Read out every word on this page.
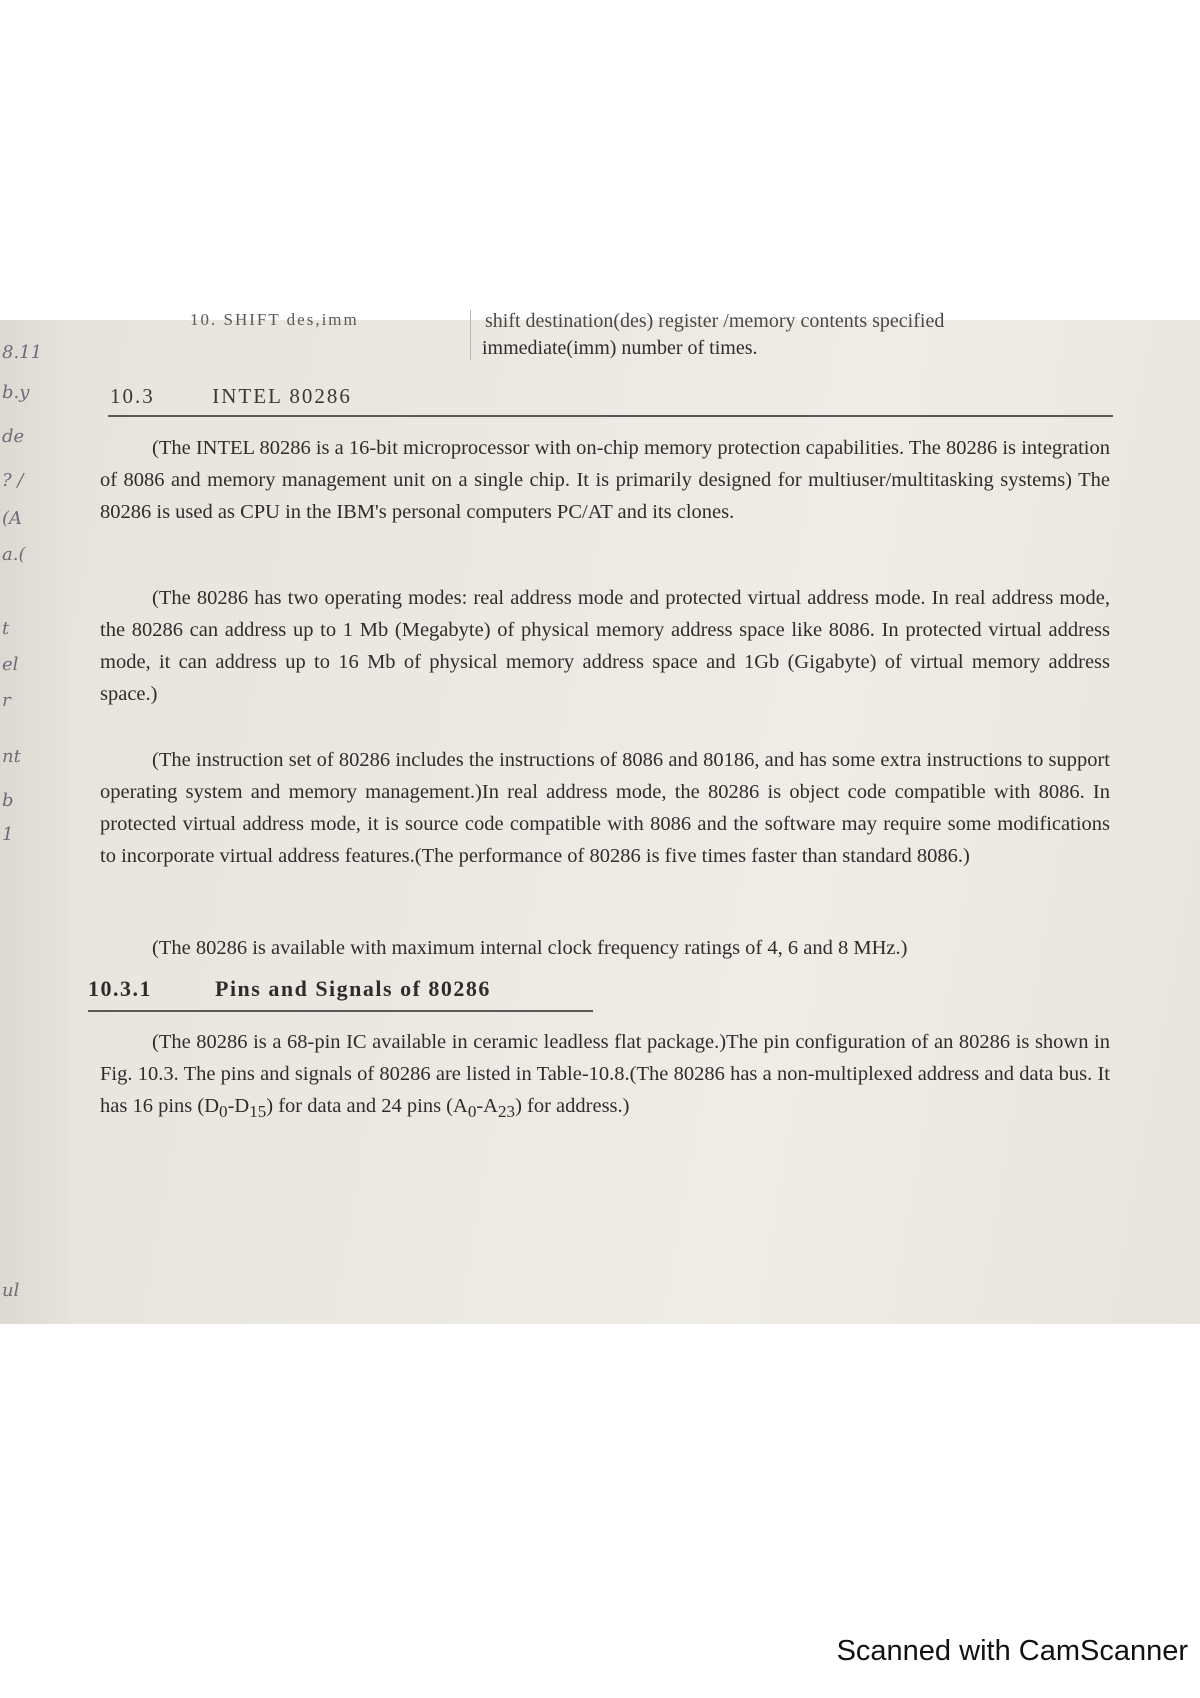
8.11
b.y
de
? /
(A
a.(
t
el
r
nt
b
1
ul
10. SHIFT des,imm	shift destination(des) register /memory contents specified
immediate(imm) number of times.
10.3	INTEL 80286

(The INTEL 80286 is a 16-bit microprocessor with on-chip memory protection capabilities. The 80286 is integration of 8086 and memory management unit on a single chip. It is primarily designed for multiuser/multitasking systems) The 80286 is used as CPU in the IBM's personal computers PC/AT and its clones.

(The 80286 has two operating modes: real address mode and protected virtual address mode. In real address mode, the 80286 can address up to 1 Mb (Megabyte) of physical memory address space like 8086. In protected virtual address mode, it can address up to 16 Mb of physical memory address space and 1Gb (Gigabyte) of virtual memory address space.)

(The instruction set of 80286 includes the instructions of 8086 and 80186, and has some extra instructions to support operating system and memory management.)In real address mode, the 80286 is object code compatible with 8086. In protected virtual address mode, it is source code compatible with 8086 and the software may require some modifications to incorporate virtual address features.(The performance of 80286 is five times faster than standard 8086.)

(The 80286 is available with maximum internal clock frequency ratings of 4, 6 and 8 MHz.)

10.3.1	Pins and Signals of 80286

(The 80286 is a 68-pin IC available in ceramic leadless flat package.)The pin configuration of an 80286 is shown in Fig. 10.3. The pins and signals of 80286 are listed in Table-10.8.(The 80286 has a non-multiplexed address and data bus. It has 16 pins $(D_0-D_{15})$ for data and 24 pins $(A_0-A_{23})$ for address.)

Scanned with CamScanner
